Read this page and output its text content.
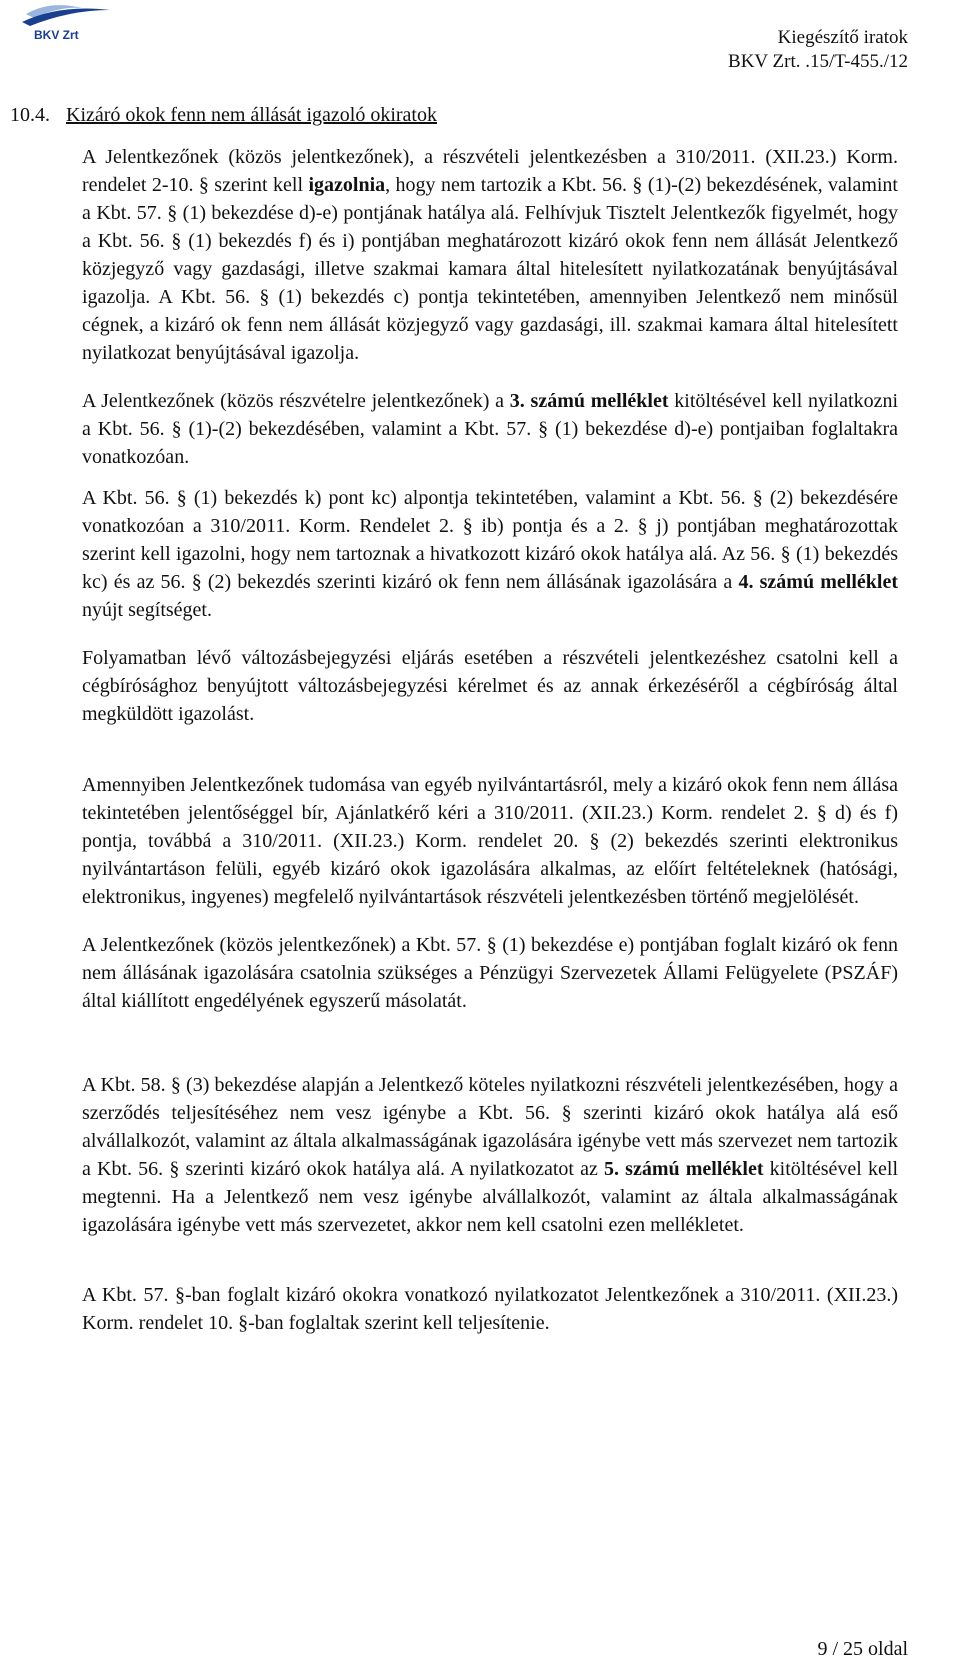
BKV Zrt	Kiegészítő iratok
BKV Zrt. .15/T-455./12
10.4. Kizáró okok fenn nem állását igazoló okiratok

A Jelentkezőnek (közös jelentkezőnek), a részvételi jelentkezésben a 310/2011. (XII.23.) Korm. rendelet 2-10. § szerint kell igazolnia, hogy nem tartozik a Kbt. 56. § (1)-(2) bekezdésének, valamint a Kbt. 57. § (1) bekezdése d)-e) pontjának hatálya alá. Felhívjuk Tisztelt Jelentkezők figyelmét, hogy a Kbt. 56. § (1) bekezdés f) és i) pontjában meghatározott kizáró okok fenn nem állását Jelentkező közjegyző vagy gazdasági, illetve szakmai kamara által hitelesített nyilatkozatának benyújtásával igazolja. A Kbt. 56. § (1) bekezdés c) pontja tekintetében, amennyiben Jelentkező nem minősül cégnek, a kizáró ok fenn nem állását közjegyző vagy gazdasági, ill. szakmai kamara által hitelesített nyilatkozat benyújtásával igazolja.

A Jelentkezőnek (közös részvételre jelentkezőnek) a 3. számú melléklet kitöltésével kell nyilatkozni a Kbt. 56. § (1)-(2) bekezdésében, valamint a Kbt. 57. § (1) bekezdése d)-e) pontjaiban foglaltakra vonatkozóan.

A Kbt. 56. § (1) bekezdés k) pont kc) alpontja tekintetében, valamint a Kbt. 56. § (2) bekezdésére vonatkozóan a 310/2011. Korm. Rendelet 2. § ib) pontja és a 2. § j) pontjában meghatározottak szerint kell igazolni, hogy nem tartoznak a hivatkozott kizáró okok hatálya alá. Az 56. § (1) bekezdés kc) és az 56. § (2) bekezdés szerinti kizáró ok fenn nem állásának igazolására a 4. számú melléklet nyújt segítséget.

Folyamatban lévő változásbejegyzési eljárás esetében a részvételi jelentkezéshez csatolni kell a cégbírósághoz benyújtott változásbejegyzési kérelmet és az annak érkezéséről a cégbíróság által megküldött igazolást.

Amennyiben Jelentkezőnek tudomása van egyéb nyilvántartásról, mely a kizáró okok fenn nem állása tekintetében jelentőséggel bír, Ajánlatkérő kéri a 310/2011. (XII.23.) Korm. rendelet 2. § d) és f) pontja, továbbá a 310/2011. (XII.23.) Korm. rendelet 20. § (2) bekezdés szerinti elektronikus nyilvántartáson felüli, egyéb kizáró okok igazolására alkalmas, az előírt feltételeknek (hatósági, elektronikus, ingyenes) megfelelő nyilvántartások részvételi jelentkezésben történő megjelölését.

A Jelentkezőnek (közös jelentkezőnek) a Kbt. 57. § (1) bekezdése e) pontjában foglalt kizáró ok fenn nem állásának igazolására csatolnia szükséges a Pénzügyi Szervezetek Állami Felügyelete (PSZÁF) által kiállított engedélyének egyszerű másolatát.

A Kbt. 58. § (3) bekezdése alapján a Jelentkező köteles nyilatkozni részvételi jelentkezésében, hogy a szerződés teljesítéséhez nem vesz igénybe a Kbt. 56. § szerinti kizáró okok hatálya alá eső alvállalkozót, valamint az általa alkalmasságának igazolására igénybe vett más szervezet nem tartozik a Kbt. 56. § szerinti kizáró okok hatálya alá. A nyilatkozatot az 5. számú melléklet kitöltésével kell megtenni. Ha a Jelentkező nem vesz igénybe alvállalkozót, valamint az általa alkalmasságának igazolására igénybe vett más szervezetet, akkor nem kell csatolni ezen mellékletet.

A Kbt. 57. §-ban foglalt kizáró okokra vonatkozó nyilatkozatot Jelentkezőnek a 310/2011. (XII.23.) Korm. rendelet 10. §-ban foglaltak szerint kell teljesítenie.

9 / 25 oldal
